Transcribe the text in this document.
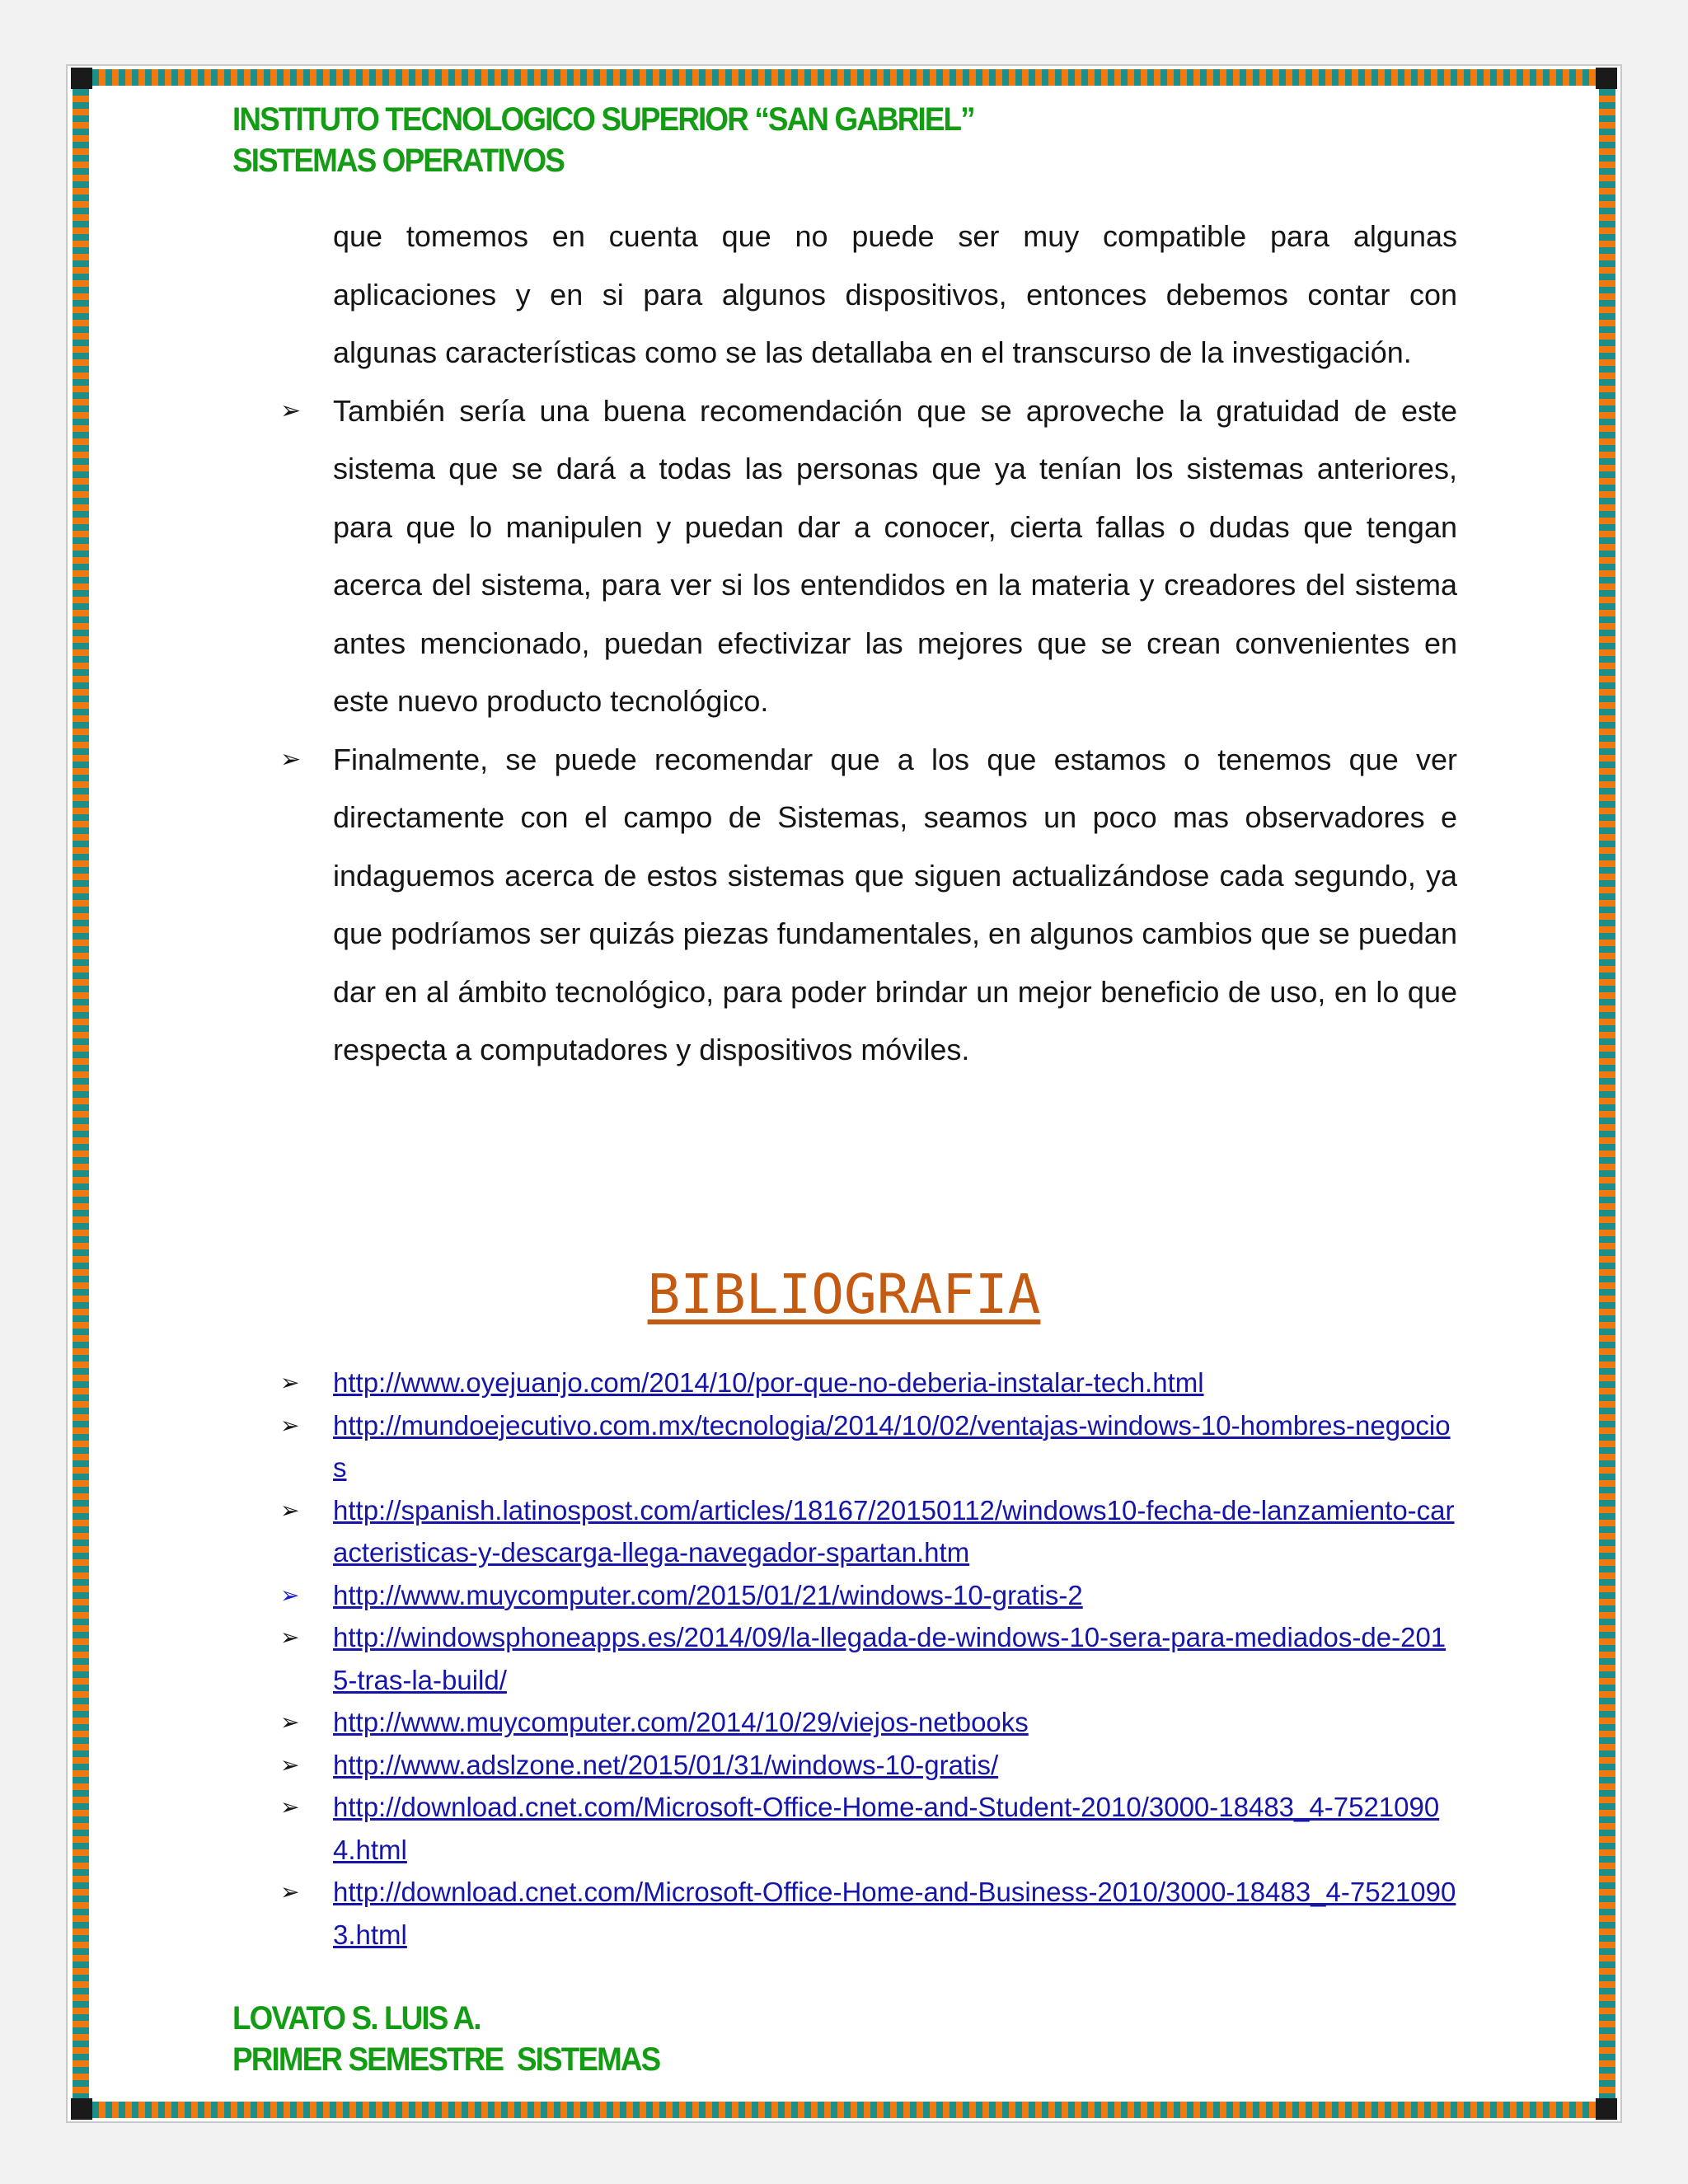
INSTITUTO TECNOLOGICO SUPERIOR “SAN GABRIEL”
SISTEMAS OPERATIVOS
que tomemos en cuenta que no puede ser muy compatible para algunas aplicaciones y en si para algunos dispositivos, entonces debemos contar con algunas características como se las detallaba en el transcurso de la investigación.
➢ También sería una buena recomendación que se aproveche la gratuidad de este sistema que se dará a todas las personas que ya tenían los sistemas anteriores, para que lo manipulen y puedan dar a conocer, cierta fallas o dudas que tengan acerca del sistema, para ver si los entendidos en la materia y creadores del sistema antes mencionado, puedan efectivizar las mejores que se crean convenientes en este nuevo producto tecnológico.
➢ Finalmente, se puede recomendar que a los que estamos o tenemos que ver directamente con el campo de Sistemas, seamos un poco mas observadores e indaguemos acerca de estos sistemas que siguen actualizándose cada segundo, ya que podríamos ser quizás piezas fundamentales, en algunos cambios que se puedan dar en al ámbito tecnológico, para poder brindar un mejor beneficio de uso, en lo que respecta a computadores y dispositivos móviles.
BIBLIOGRAFIA
➢ http://www.oyejuanjo.com/2014/10/por-que-no-deberia-instalar-tech.html
➢ http://mundoejecutivo.com.mx/tecnologia/2014/10/02/ventajas-windows-10-hombres-negocios
➢ http://spanish.latinospost.com/articles/18167/20150112/windows10-fecha-de-lanzamiento-caracteristicas-y-descarga-llega-navegador-spartan.htm
➢ http://www.muycomputer.com/2015/01/21/windows-10-gratis-2
➢ http://windowsphoneapps.es/2014/09/la-llegada-de-windows-10-sera-para-mediados-de-2015-tras-la-build/
➢ http://www.muycomputer.com/2014/10/29/viejos-netbooks
➢ http://www.adslzone.net/2015/01/31/windows-10-gratis/
➢ http://download.cnet.com/Microsoft-Office-Home-and-Student-2010/3000-18483_4-75210904.html
➢ http://download.cnet.com/Microsoft-Office-Home-and-Business-2010/3000-18483_4-75210903.html
LOVATO S. LUIS A.
PRIMER SEMESTRE  SISTEMAS
